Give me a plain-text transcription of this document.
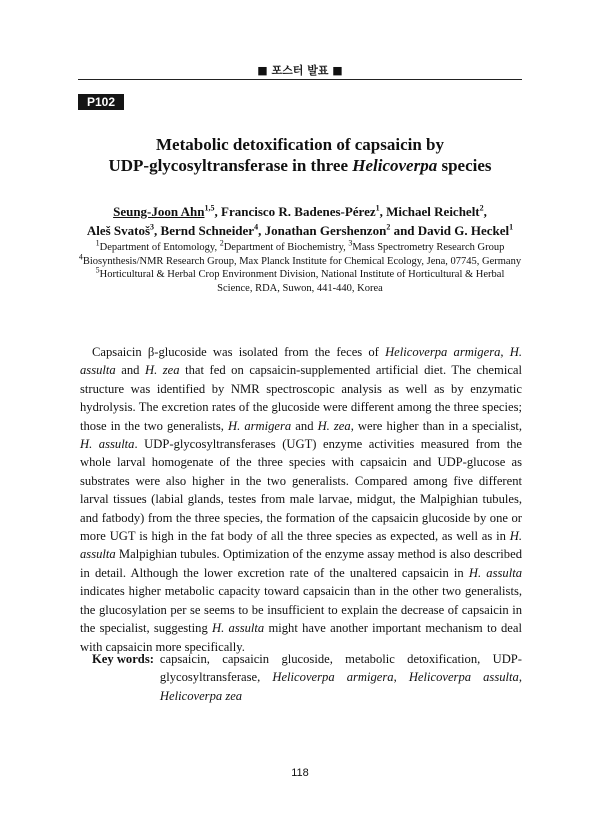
■ 포스터 발표 ■
P102
Metabolic detoxification of capsaicin by
UDP-glycosyltransferase in three Helicoverpa species
Seung-Joon Ahn$^{1,5}$, Francisco R. Badenes-Pérez$^1$, Michael Reichelt$^2$,
Aleš Svatoš$^3$, Bernd Schneider$^4$, Jonathan Gershenzon$^2$ and David G. Heckel$^1$
$^1$Department of Entomology, $^2$Department of Biochemistry, $^3$Mass Spectrometry Research Group
$^4$Biosynthesis/NMR Research Group, Max Planck Institute for Chemical Ecology, Jena, 07745, Germany
$^5$Horticultural & Herbal Crop Environment Division, National Institute of Horticultural & Herbal Science, RDA, Suwon, 441-440, Korea

Capsaicin β-glucoside was isolated from the feces of Helicoverpa armigera, H. assulta and H. zea that fed on capsaicin-supplemented artificial diet. The chemical structure was identified by NMR spectroscopic analysis as well as by enzymatic hydrolysis. The excretion rates of the glucoside were different among the three species; those in the two generalists, H. armigera and H. zea, were higher than in a specialist, H. assulta. UDP-glycosyltransferases (UGT) enzyme activities measured from the whole larval homogenate of the three species with capsaicin and UDP-glucose as substrates were also higher in the two generalists. Compared among five different larval tissues (labial glands, testes from male larvae, midgut, the Malpighian tubules, and fatbody) from the three species, the formation of the capsaicin glucoside by one or more UGT is high in the fat body of all the three species as expected, as well as in H. assulta Malpighian tubules. Optimization of the enzyme assay method is also described in detail. Although the lower excretion rate of the unaltered capsaicin in H. assulta indicates higher metabolic capacity toward capsaicin than in the other two generalists, the glucosylation per se seems to be insufficient to explain the decrease of capsaicin in the specialist, suggesting H. assulta might have another important mechanism to deal with capsaicin more specifically.

Key words: capsaicin, capsaicin glucoside, metabolic detoxification, UDP-glycosyltransferase, Helicoverpa armigera, Helicoverpa assulta, Helicoverpa zea
118
